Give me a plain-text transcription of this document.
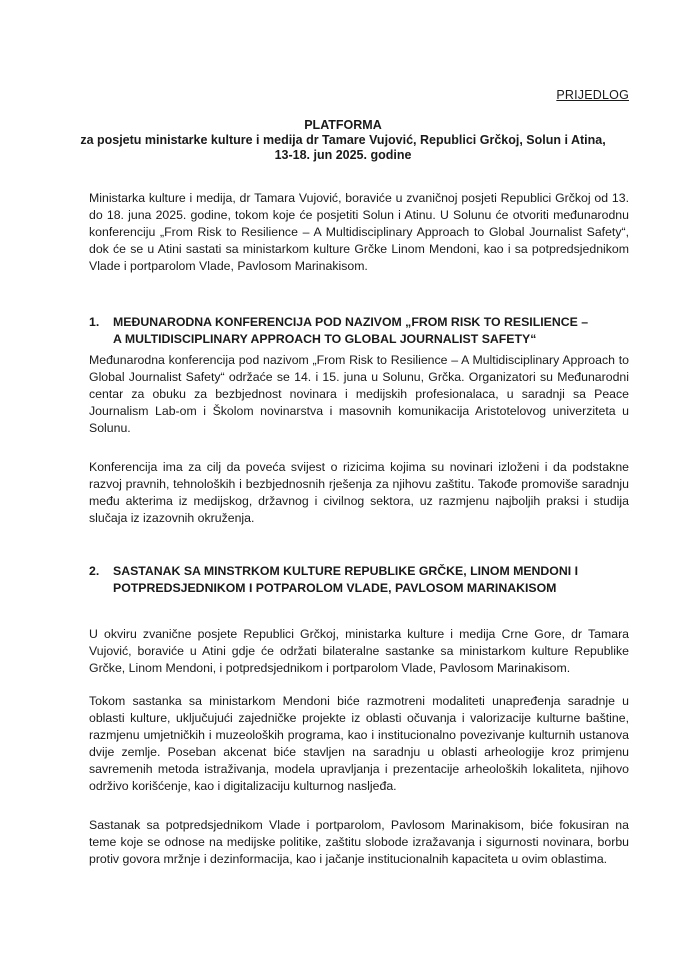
PRIJEDLOG
PLATFORMA
za posjetu ministarke kulture i medija dr Tamare Vujović, Republici Grčkoj, Solun i Atina,
13-18. jun 2025. godine
Ministarka kulture i medija, dr Tamara Vujović, boraviće u zvaničnoj posjeti Republici Grčkoj od 13. do 18. juna 2025. godine, tokom koje će posjetiti Solun i Atinu. U Solunu će otvoriti međunarodnu konferenciju „From Risk to Resilience – A Multidisciplinary Approach to Global Journalist Safety“, dok će se u Atini sastati sa ministarkom kulture Grčke Linom Mendoni, kao i sa potpredsjednikom Vlade i portparolom Vlade, Pavlosom Marinakisom.
1. MEĐUNARODNA KONFERENCIJA POD NAZIVOM „FROM RISK TO RESILIENCE –
A MULTIDISCIPLINARY APPROACH TO GLOBAL JOURNALIST SAFETY“
Međunarodna konferencija pod nazivom „From Risk to Resilience – A Multidisciplinary Approach to Global Journalist Safety“ održaće se 14. i 15. juna u Solunu, Grčka. Organizatori su Međunarodni centar za obuku za bezbjednost novinara i medijskih profesionalaca, u saradnji sa Peace Journalism Lab-om i Školom novinarstva i masovnih komunikacija Aristotelovog univerziteta u Solunu.
Konferencija ima za cilj da poveća svijest o rizicima kojima su novinari izloženi i da podstakne razvoj pravnih, tehnoloških i bezbjednosnih rješenja za njihovu zaštitu. Takođe promoviše saradnju među akterima iz medijskog, državnog i civilnog sektora, uz razmjenu najboljih praksi i studija slučaja iz izazovnih okruženja.
2. SASTANAK SA MINSTRKOM KULTURE REPUBLIKE GRČKE, LINOM MENDONI I
POTPREDSJEDNIKOM I POTPAROLOM VLADE, PAVLOSOM MARINAKISOM
U okviru zvanične posjete Republici Grčkoj, ministarka kulture i medija Crne Gore, dr Tamara Vujović, boraviće u Atini gdje će održati bilateralne sastanke sa ministarkom kulture Republike Grčke, Linom Mendoni, i potpredsjednikom i portparolom Vlade, Pavlosom Marinakisom.
Tokom sastanka sa ministarkom Mendoni biće razmotreni modaliteti unapređenja saradnje u oblasti kulture, uključujući zajedničke projekte iz oblasti očuvanja i valorizacije kulturne baštine, razmjenu umjetničkih i muzeoloških programa, kao i institucionalno povezivanje kulturnih ustanova dvije zemlje. Poseban akcenat biće stavljen na saradnju u oblasti arheologije kroz primjenu savremenih metoda istraživanja, modela upravljanja i prezentacije arheoloških lokaliteta, njihovo održivo korišćenje, kao i digitalizaciju kulturnog nasljeđa.
Sastanak sa potpredsjednikom Vlade i portparolom, Pavlosom Marinakisom, biće fokusiran na teme koje se odnose na medijske politike, zaštitu slobode izražavanja i sigurnosti novinara, borbu protiv govora mržnje i dezinformacija, kao i jačanje institucionalnih kapaciteta u ovim oblastima.
